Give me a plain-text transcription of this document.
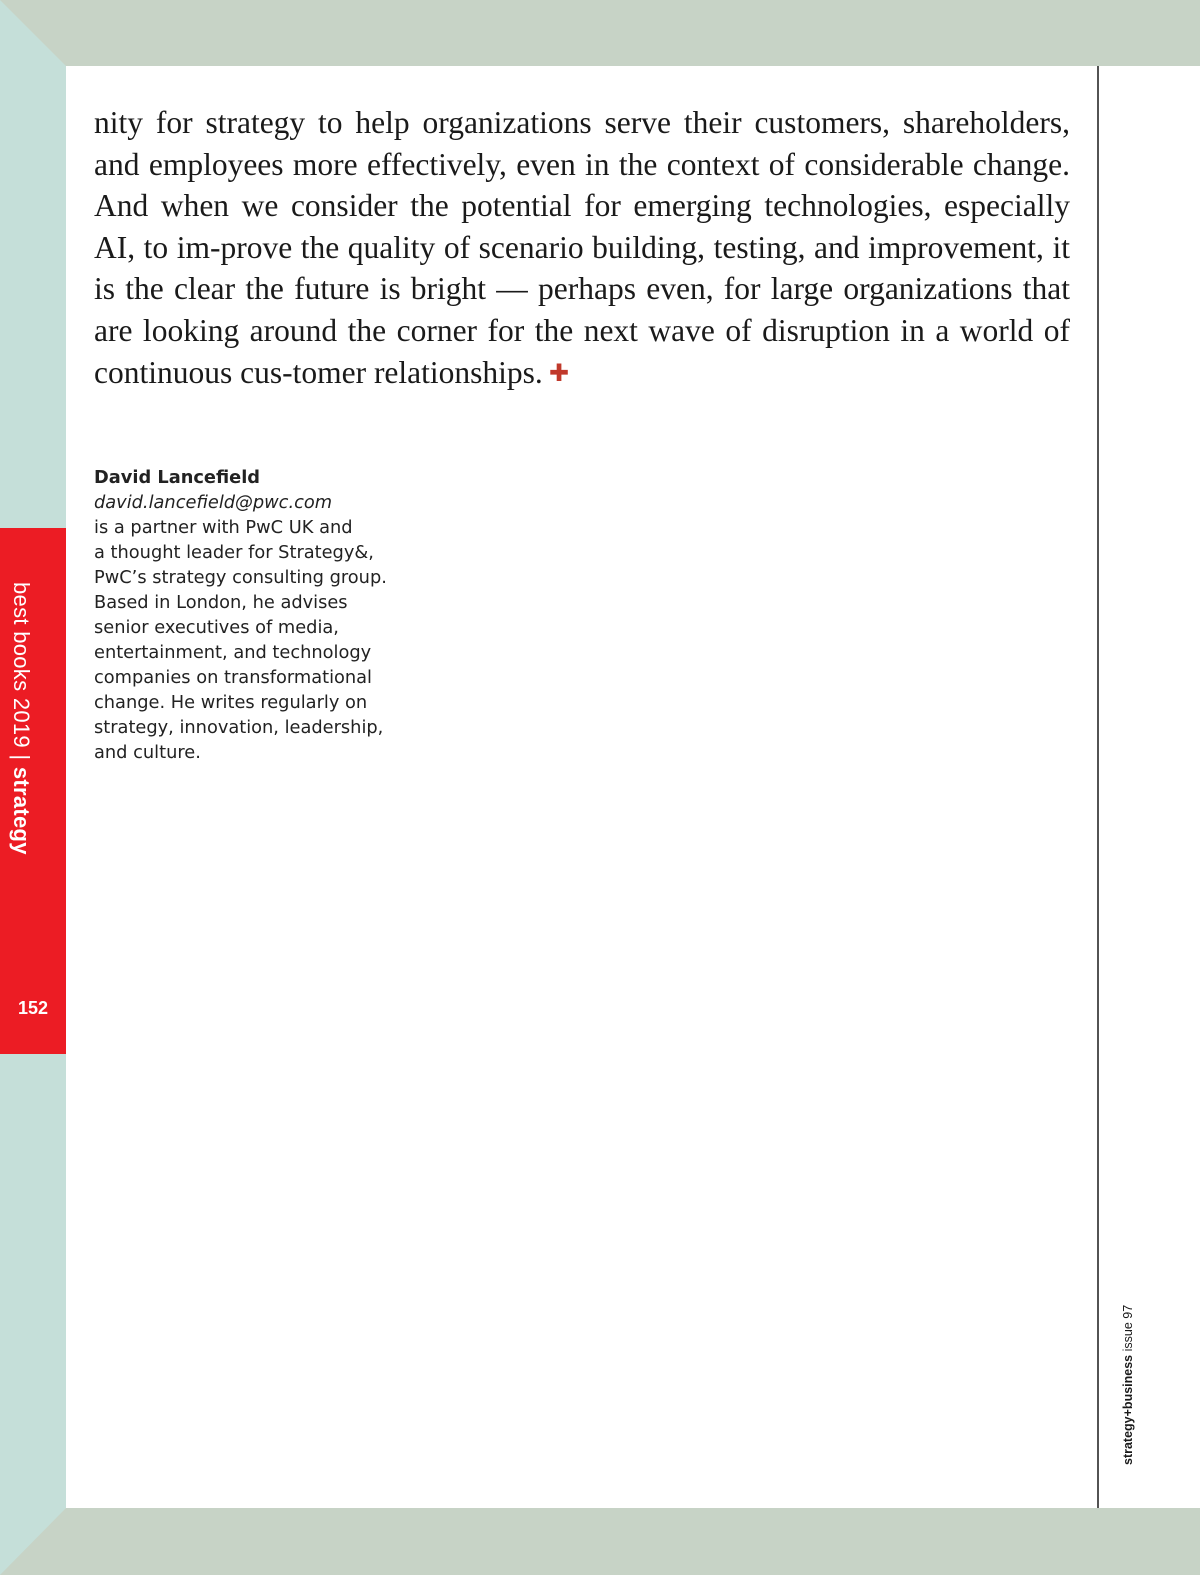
best books 2019 | strategy
152

nity for strategy to help organizations serve their customers, shareholders, and employees more effectively, even in the context of considerable change. And when we consider the potential for emerging technologies, especially AI, to im-prove the quality of scenario building, testing, and improvement, it is the clear the future is bright — perhaps even, for large organizations that are looking around the corner for the next wave of disruption in a world of continuous cus-tomer relationships. ✚

David Lancefield
david.lancefield@pwc.com
is a partner with PwC UK and
a thought leader for Strategy&,
PwC’s strategy consulting group.
Based in London, he advises
senior executives of media,
entertainment, and technology
companies on transformational
change. He writes regularly on
strategy, innovation, leadership,
and culture.
strategy+business issue 97
